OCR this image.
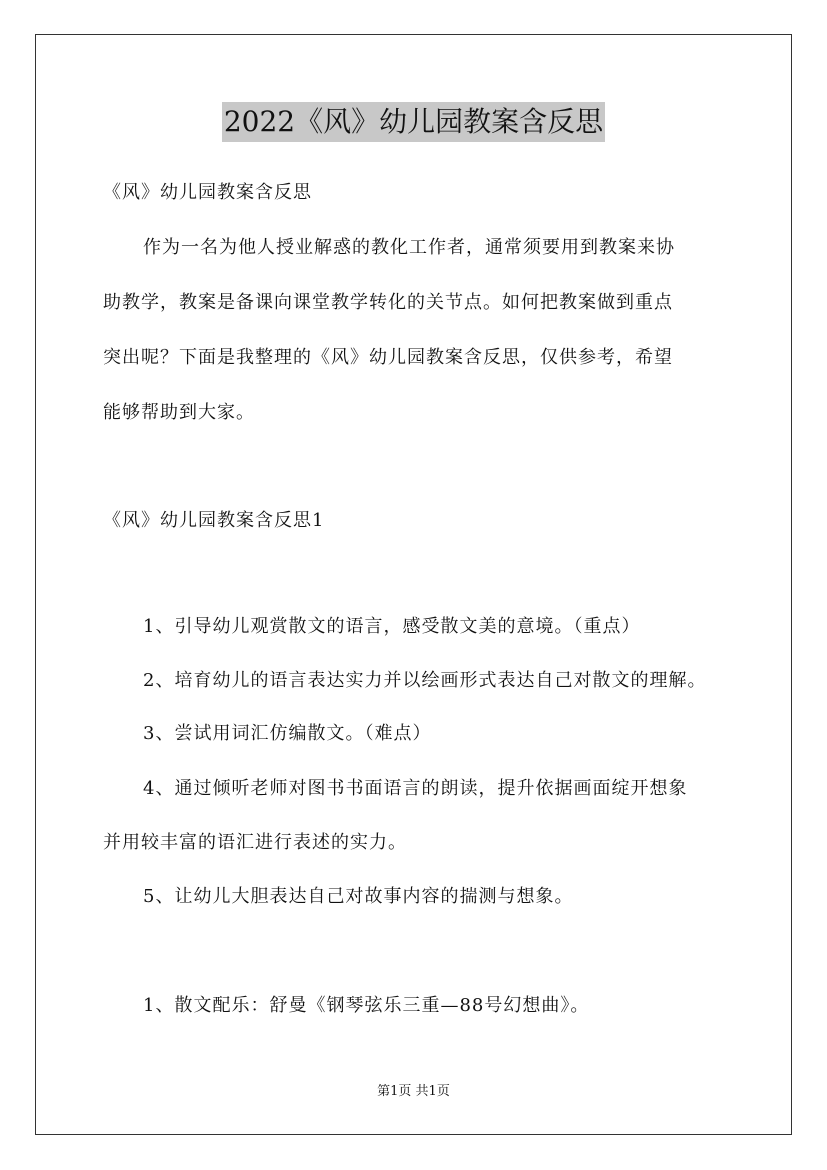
2022《风》幼儿园教案含反思
《风》幼儿园教案含反思
作为一名为他人授业解惑的教化工作者，通常须要用到教案来协
助教学，教案是备课向课堂教学转化的关节点。如何把教案做到重点
突出呢？下面是我整理的《风》幼儿园教案含反思，仅供参考，希望
能够帮助到大家。
《风》幼儿园教案含反思1
1、引导幼儿观赏散文的语言，感受散文美的意境。（重点）
2、培育幼儿的语言表达实力并以绘画形式表达自己对散文的理解。
3、尝试用词汇仿编散文。（难点）
4、通过倾听老师对图书书面语言的朗读，提升依据画面绽开想象
并用较丰富的语汇进行表述的实力。
5、让幼儿大胆表达自己对故事内容的揣测与想象。
1、散文配乐：舒曼《钢琴弦乐三重—88号幻想曲》。
第1页 共1页
